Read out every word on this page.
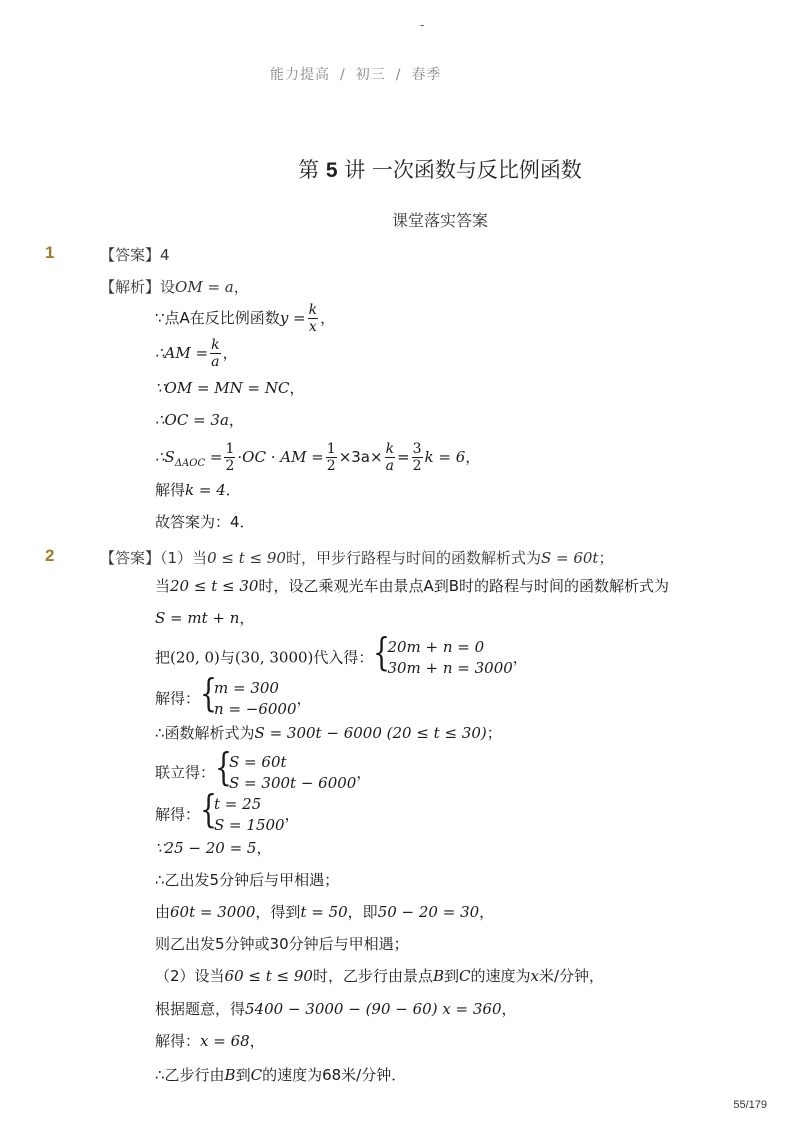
-
能力提高 / 初三 / 春季
第 5 讲 一次函数与反比例函数
课堂落实答案
1	【答案】4
【解析】设OM = a，
∵点A在反比例函数$y = \frac{k}{x}$ ，
∴AM = $\frac{k}{a}$ ，
∵OM = MN = NC，
∴OC = 3a，
$\therefore S_{\Delta AOC} = \frac{1}{2} \cdot OC$ · AM = $\frac{1}{2} \times 3a\times \frac{k}{a} = \frac{3}{2}$ k = 6，
解得k = 4．
故答案为：4．
2	【答案】（1）当0 ≤ t ≤ 90时，甲步行路程与时间的函数解析式为S = 60t；
当20 ≤ t ≤ 30时，设乙乘观光车由景点A到B时的路程与时间的函数解析式为
S = mt + n，
把(20, 0)与(30, 3000)代入得： {
20m + n = 0
30m + n = 3000
，
解得： {
m = 300
n = −6000
，
∴函数解析式为S = 300t − 6000 (20 ≤ t ≤ 30)；
联立得： {
S = 60t
S = 300t − 6000
，
解得： {
t = 25
S = 1500
，
∵25 − 20 = 5，
∴乙出发5分钟后与甲相遇；
由60t = 3000，得到t = 50，即50 − 20 = 30，
则乙出发5分钟或30分钟后与甲相遇；
（2）设当60 ≤ t ≤ 90时，乙步行由景点B到C的速度为x米/分钟，
根据题意，得5400 − 3000 − (90 − 60) x = 360，
解得：x = 68，
∴乙步行由B到C的速度为68米/分钟．
55/179
